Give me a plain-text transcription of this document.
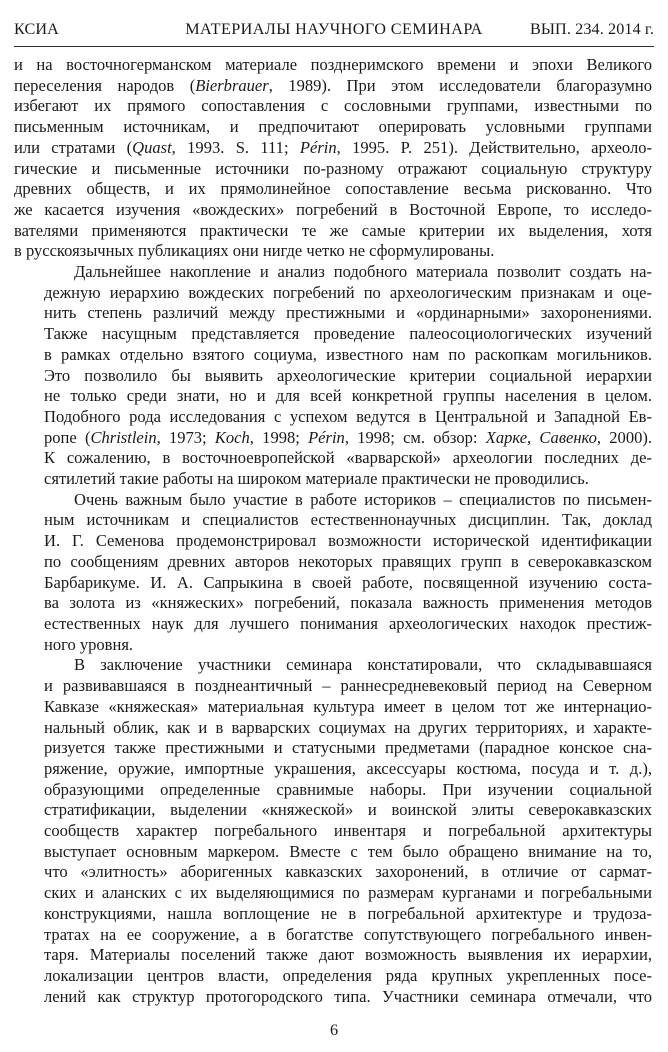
КСИА	МАТЕРИАЛЫ НАУЧНОГО СЕМИНАРА	ВЫП. 234. 2014 г.

и на восточногерманском материале позднеримского времени и эпохи Великого
переселения народов (Bierbrauer, 1989). При этом исследователи благоразумно
избегают их прямого сопоставления с сословными группами, известными по
письменным источникам, и предпочитают оперировать условными группами
или стратами (Quast, 1993. S. 111; Périn, 1995. P. 251). Действительно, археоло-
гические и письменные источники по-разному отражают социальную структуру
древних обществ, и их прямолинейное сопоставление весьма рискованно. Что
же касается изучения «вождеских» погребений в Восточной Европе, то исследо-
вателями применяются практически те же самые критерии их выделения, хотя
в русскоязычных публикациях они нигде четко не сформулированы.

Дальнейшее накопление и анализ подобного материала позволит создать на-
дежную иерархию вождеских погребений по археологическим признакам и оце-
нить степень различий между престижными и «ординарными» захоронениями.
Также насущным представляется проведение палеосоциологических изучений
в рамках отдельно взятого социума, известного нам по раскопкам могильников.
Это позволило бы выявить археологические критерии социальной иерархии
не только среди знати, но и для всей конкретной группы населения в целом.
Подобного рода исследования с успехом ведутся в Центральной и Западной Ев-
ропе (Christlein, 1973; Koch, 1998; Périn, 1998; см. обзор: Харке, Савенко, 2000).
К сожалению, в восточноевропейской «варварской» археологии последних де-
сятилетий такие работы на широком материале практически не проводились.

Очень важным было участие в работе историков – специалистов по письмен-
ным источникам и специалистов естественнонаучных дисциплин. Так, доклад
И. Г. Семенова продемонстрировал возможности исторической идентификации
по сообщениям древних авторов некоторых правящих групп в северокавказском
Барбарикуме. И. А. Сапрыкина в своей работе, посвященной изучению соста-
ва золота из «княжеских» погребений, показала важность применения методов
естественных наук для лучшего понимания археологических находок престиж-
ного уровня.

В заключение участники семинара констатировали, что складывавшаяся
и развивавшаяся в позднеантичный – раннесредневековый период на Северном
Кавказе «княжеская» материальная культура имеет в целом тот же интернацио-
нальный облик, как и в варварских социумах на других территориях, и характе-
ризуется также престижными и статусными предметами (парадное конское сна-
ряжение, оружие, импортные украшения, аксессуары костюма, посуда и т. д.),
образующими определенные сравнимые наборы. При изучении социальной
стратификации, выделении «княжеской» и воинской элиты северокавказских
сообществ характер погребального инвентаря и погребальной архитектуры
выступает основным маркером. Вместе с тем было обращено внимание на то,
что «элитность» аборигенных кавказских захоронений, в отличие от сармат-
ских и аланских с их выделяющимися по размерам курганами и погребальными
конструкциями, нашла воплощение не в погребальной архитектуре и трудоза-
тратах на ее сооружение, а в богатстве сопутствующего погребального инвен-
таря. Материалы поселений также дают возможность выявления их иерархии,
локализации центров власти, определения ряда крупных укрепленных посе-
лений как структур протогородского типа. Участники семинара отмечали, что

6
